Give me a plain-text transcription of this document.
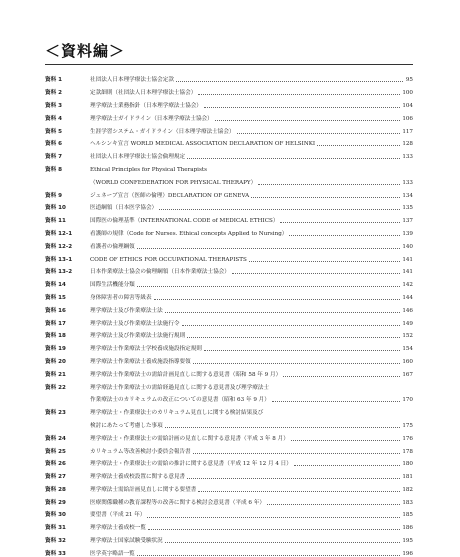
＜資料編＞
資料 1	社団法人日本理学療法士協会定款	95
資料 2	定款細則（社団法人日本理学療法士協会）	100
資料 3	理学療法士業務指針（日本理学療法士協会）	104
資料 4	理学療法士ガイドライン（日本理学療法士協会）	106
資料 5	生涯学習システム・ガイドライン（日本理学療法士協会）	117
資料 6	ヘルシンキ宣言 WORLD MEDICAL ASSOCIATION DECLARATION OF HELSINKI	128
資料 7	社団法人日本理学療法士協会倫理規定	133
資料 8	Ethical Principles for Physical Therapists
（WORLD CONFEDERATION FOR PHYSICAL THERAPY）	133
資料 9	ジュネーブ宣言（医師の倫理）DECLARATION OF GENEVA	134
資料 10	医道綱領（日本医学協会）	135
資料 11	国際医の倫理基準（INTERNATIONAL CODE of MEDICAL ETHICS）	137
資料 12-1	看護師の規律（Code for Nurses. Ethical concepts Applied to Nursing）	139
資料 12-2	看護者の倫理綱領	140
資料 13-1	CODE OF ETHICS FOR OCCUPATIONAL THERAPISTS	141
資料 13-2	日本作業療法士協会の倫理綱領（日本作業療法士協会）	141
資料 14	国際生活機能分類	142
資料 15	身体障害者の障害等級表	144
資料 16	理学療法士及び作業療法士法	146
資料 17	理学療法士及び作業療法士法施行令	149
資料 18	理学療法士及び作業療法士法施行規則	152
資料 19	理学療法士作業療法士学校養成施設指定規則	154
資料 20	理学療法士作業療法士養成施設指導要領	160
資料 21	理学療法士作業療法士の需給計画見直しに関する意見書（昭和 58 年 9 月）	167
資料 22	理学療法士作業療法士の需給経過見直しに関する意見書及び理学療法士
作業療法士のカリキュラムの改正についての意見書（昭和 63 年 9 月）	170
資料 23	理学療法士・作業療法士のカリキュラム見直しに関する検討結果及び
検討にあたって考慮した事項	175
資料 24	理学療法士・作業療法士の需給計画の見直しに関する意見書（平成 3 年 8 月）	176
資料 25	カリキュラム等改善検討小委員会報告書	178
資料 26	理学療法士・作業療法士の需給の推計に関する意見書（平成 12 年 12 月 4 日）	180
資料 27	理学療法士養成校設置に関する意見書	181
資料 28	理学療法士需給計画見直しに関する要望書	182
資料 29	医療関係職種の教育課程等の改善に関する検討会意見書（平成 6 年）	183
資料 30	要望書（平成 21 年）	185
資料 31	理学療法士養成校一覧	186
資料 32	理学療法士国家試験受験状況	195
資料 33	医学英字略語一覧	196
